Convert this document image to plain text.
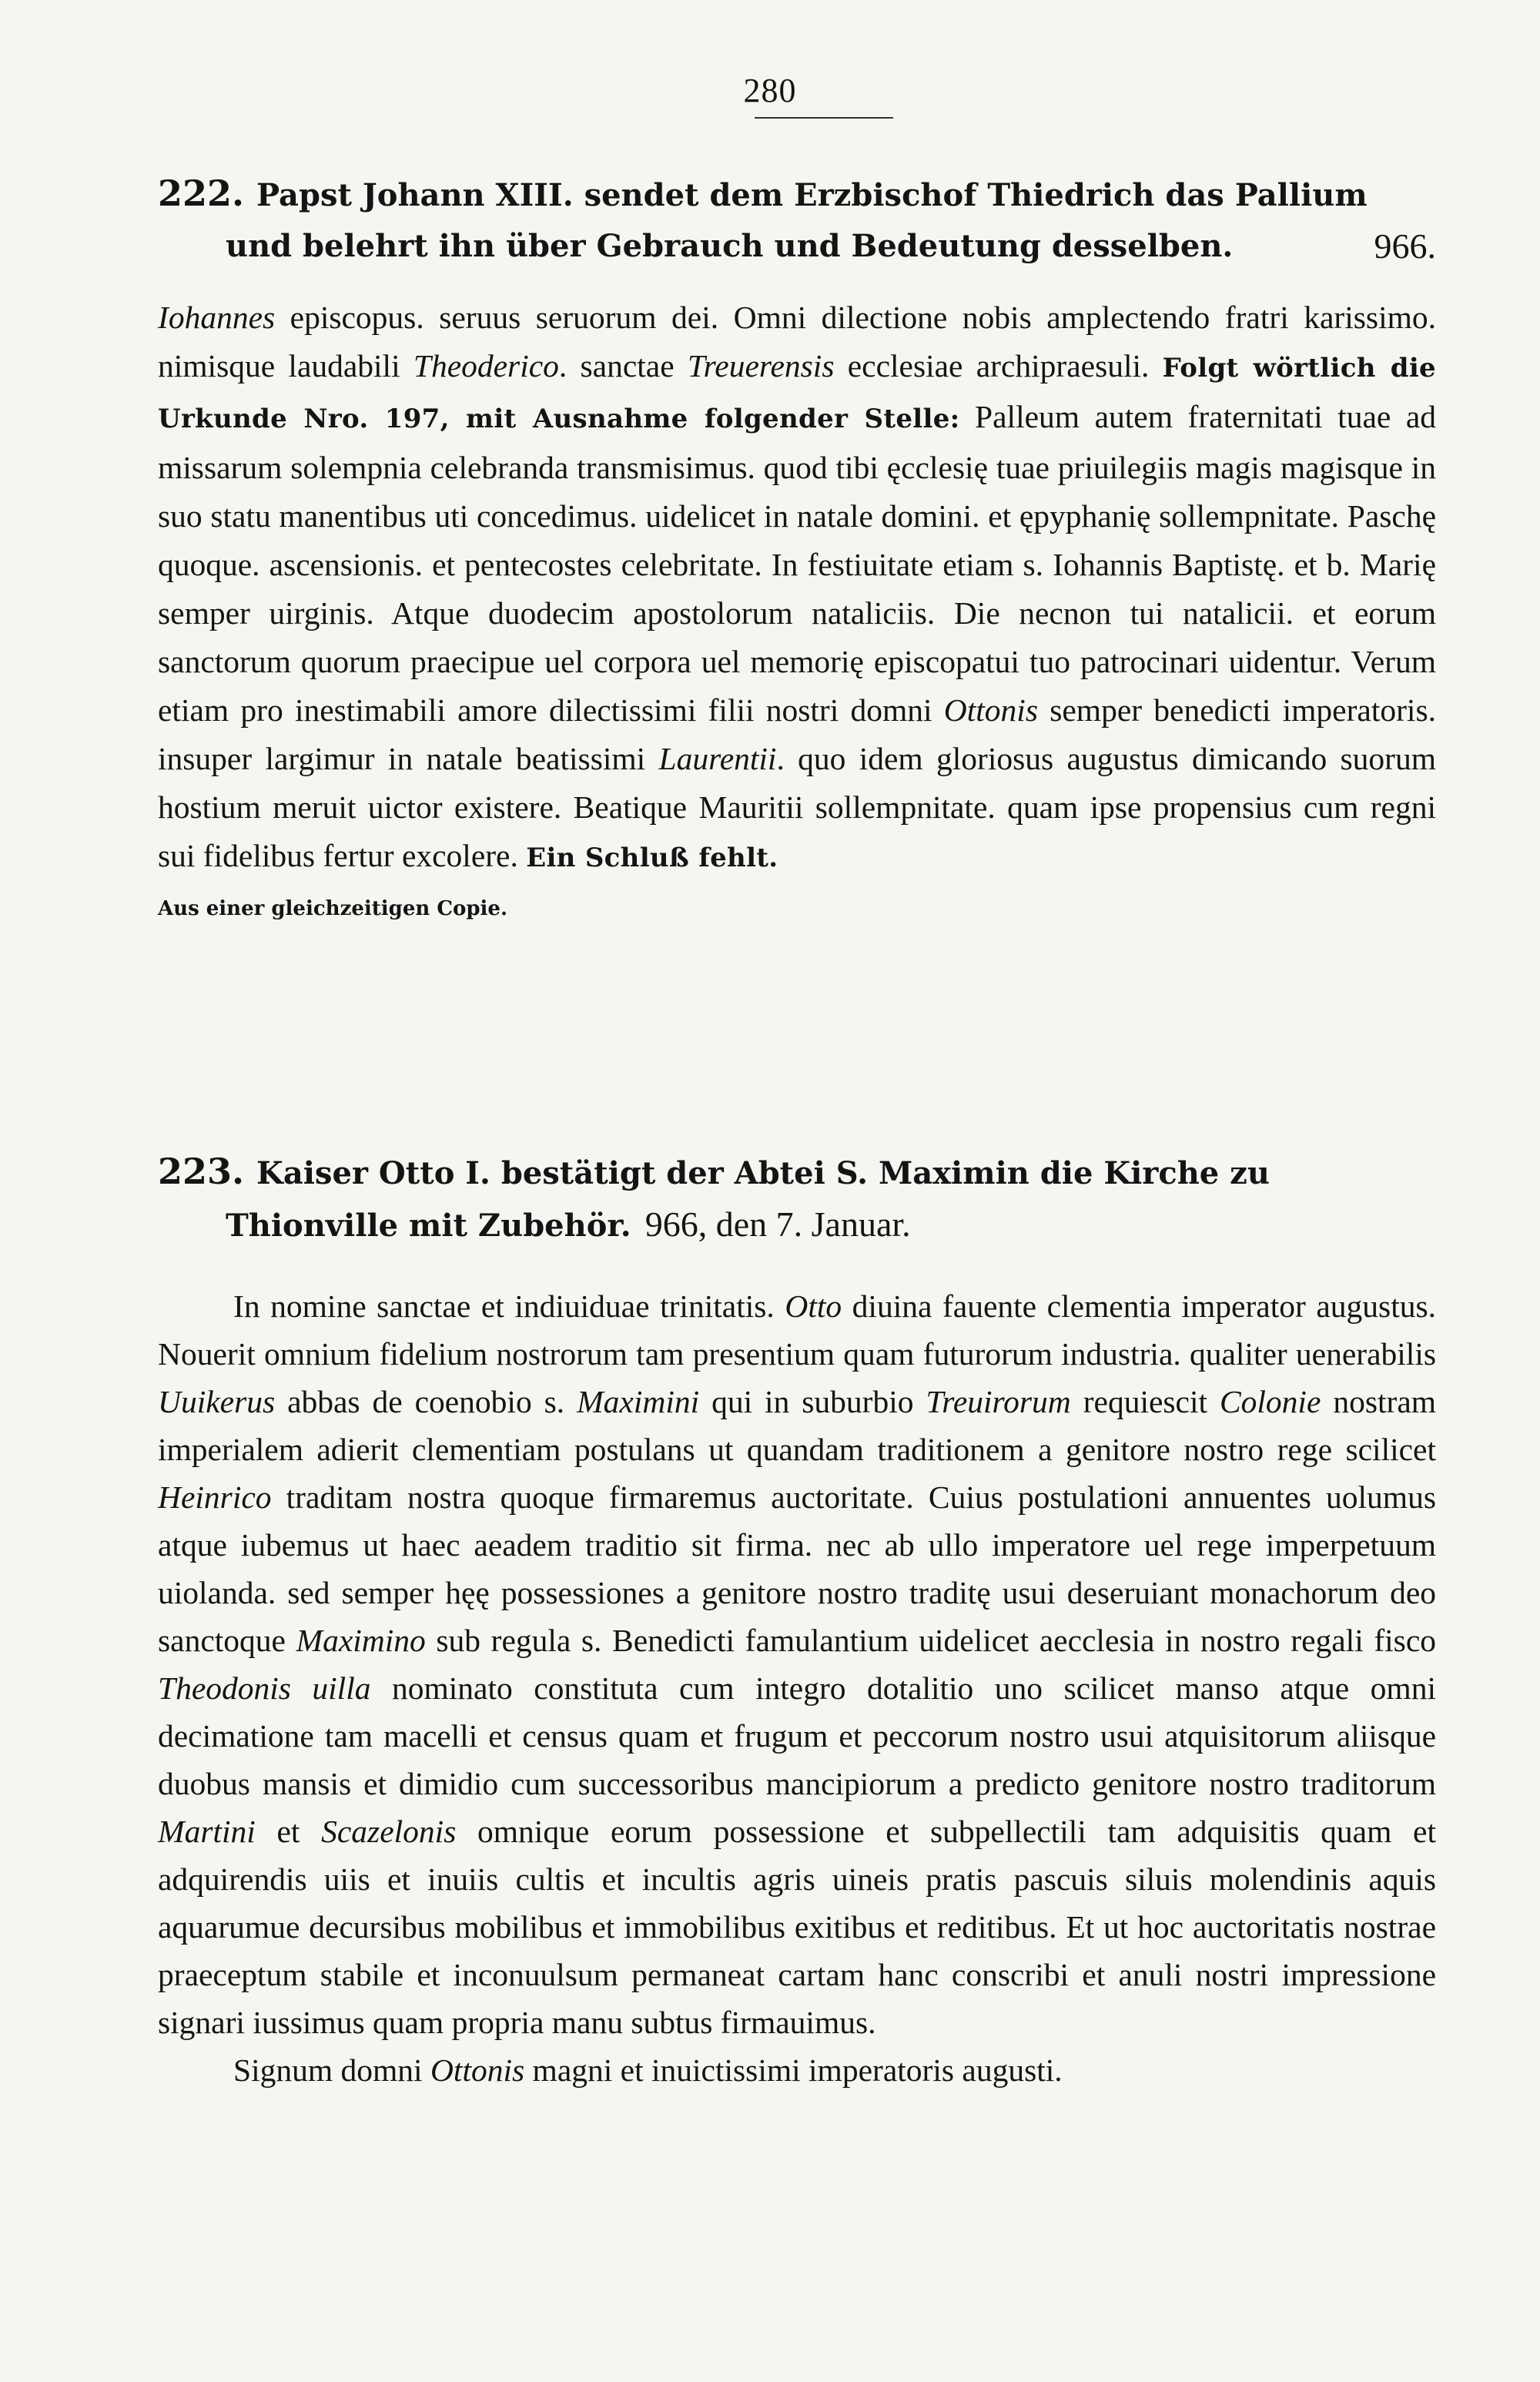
280
222. Papst Johann XIII. sendet dem Erzbischof Thiedrich das Pallium
und belehrt ihn über Gebrauch und Bedeutung desselben.	966.

Iohannes episcopus. seruus seruorum dei. Omni dilectione nobis amplectendo fratri karissimo. nimisque laudabili Theoderico. sanctae Treuerensis ecclesiae archipraesuli. Folgt wörtlich die Urkunde Nro. 197, mit Ausnahme folgender Stelle: Palleum autem fraternitati tuae ad missarum solempnia celebranda transmisimus. quod tibi ęcclesię tuae priuilegiis magis magisque in suo statu manentibus uti concedimus. uidelicet in natale domini. et ępyphanię sollempnitate. Paschę quoque. ascensionis. et pentecostes celebritate. In festiuitate etiam s. Iohannis Baptistę. et b. Marię semper uirginis. Atque duodecim apostolorum nataliciis. Die necnon tui natalicii. et eorum sanctorum quorum praecipue uel corpora uel memorię episcopatui tuo patrocinari uidentur. Verum etiam pro inestimabili amore dilectissimi filii nostri domni Ottonis semper benedicti imperatoris. insuper largimur in natale beatissimi Laurentii. quo idem gloriosus augustus dimicando suorum hostium meruit uictor existere. Beatique Mauritii sollempnitate. quam ipse propensius cum regni sui fidelibus fertur excolere. Ein Schluß fehlt.

Aus einer gleichzeitigen Copie.

223. Kaiser Otto I. bestätigt der Abtei S. Maximin die Kirche zu
Thionville mit Zubehör. 966, den 7. Januar.

In nomine sanctae et indiuiduae trinitatis. Otto diuina fauente clementia imperator augustus. Nouerit omnium fidelium nostrorum tam presentium quam futurorum industria. qualiter uenerabilis Uuikerus abbas de coenobio s. Maximini qui in suburbio Treuirorum requiescit Colonie nostram imperialem adierit clementiam postulans ut quandam traditionem a genitore nostro rege scilicet Heinrico traditam nostra quoque firmaremus auctoritate. Cuius postulationi annuentes uolumus atque iubemus ut haec aeadem traditio sit firma. nec ab ullo imperatore uel rege imperpetuum uiolanda. sed semper hęę possessiones a genitore nostro traditę usui deseruiant monachorum deo sanctoque Maximino sub regula s. Benedicti famulantium uidelicet aecclesia in nostro regali fisco Theodonis uilla nominato constituta cum integro dotalitio uno scilicet manso atque omni decimatione tam macelli et census quam et frugum et peccorum nostro usui atquisitorum aliisque duobus mansis et dimidio cum successoribus mancipiorum a predicto genitore nostro traditorum Martini et Scazelonis omnique eorum possessione et subpellectili tam adquisitis quam et adquirendis uiis et inuiis cultis et incultis agris uineis pratis pascuis siluis molendinis aquis aquarumue decursibus mobilibus et immobilibus exitibus et reditibus. Et ut hoc auctoritatis nostrae praeceptum stabile et inconuulsum permaneat cartam hanc conscribi et anuli nostri impressione signari iussimus quam propria manu subtus firmauimus.

Signum domni Ottonis magni et inuictissimi imperatoris augusti.
